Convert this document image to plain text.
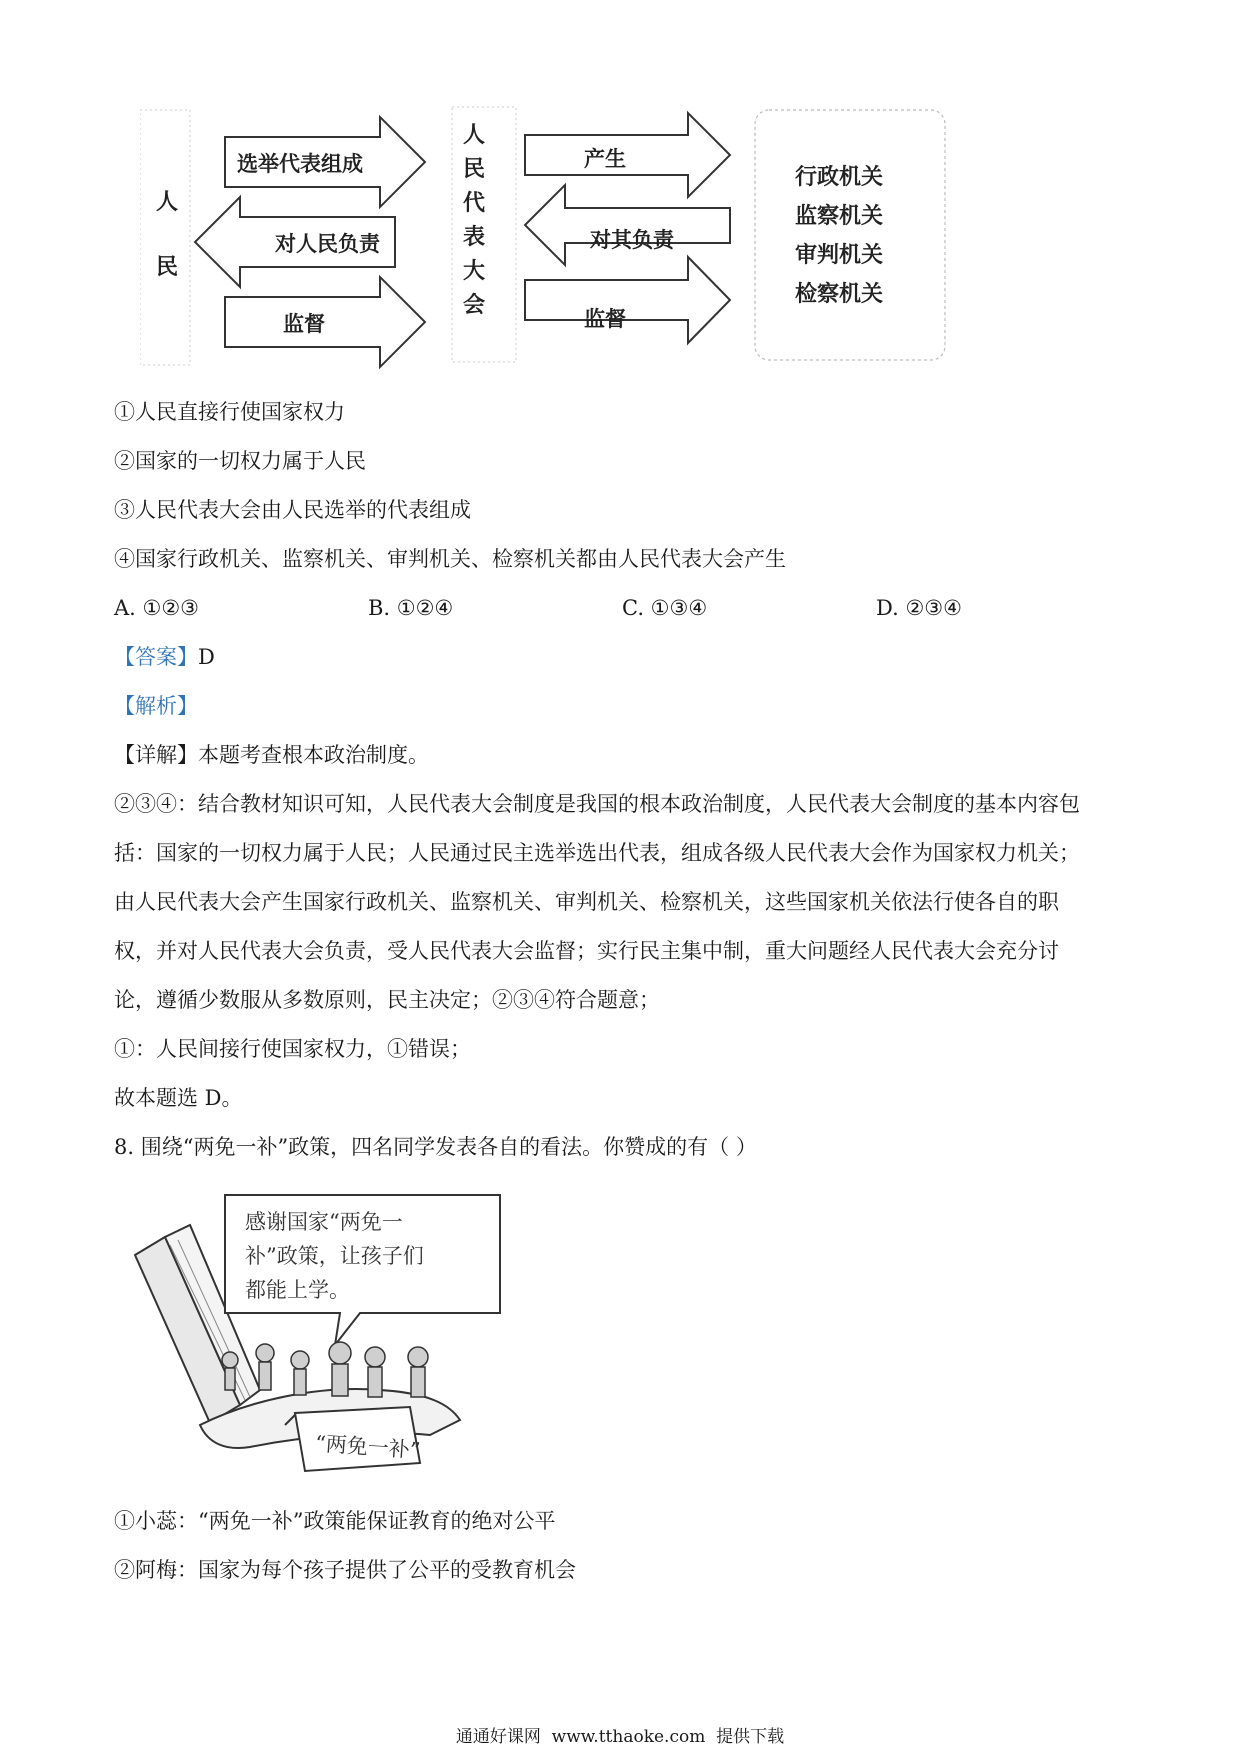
人
民
人
民
代
表
大
会
选举代表组成
对人民负责
监督
产生
对其负责
监督
行政机关
监察机关
审判机关
检察机关
①人民直接行使国家权力
②国家的一切权力属于人民
③人民代表大会由人民选举的代表组成
④国家行政机关、监察机关、审判机关、检察机关都由人民代表大会产生
A. ①②③	B. ①②④	C. ①③④	D. ②③④
【答案】D
【解析】
【详解】本题考查根本政治制度。
②③④：结合教材知识可知，人民代表大会制度是我国的根本政治制度，人民代表大会制度的基本内容包
括：国家的一切权力属于人民；人民通过民主选举选出代表，组成各级人民代表大会作为国家权力机关；
由人民代表大会产生国家行政机关、监察机关、审判机关、检察机关，这些国家机关依法行使各自的职
权，并对人民代表大会负责，受人民代表大会监督；实行民主集中制，重大问题经人民代表大会充分讨
论，遵循少数服从多数原则，民主决定；②③④符合题意；
①：人民间接行使国家权力，①错误；
故本题选 D。
8. 围绕“两免一补”政策，四名同学发表各自的看法。你赞成的有（ ）
感谢国家“两免一
补”政策，让孩子们
都能上学。
“两免一补”
①小蕊：“两免一补”政策能保证教育的绝对公平
②阿梅：国家为每个孩子提供了公平的受教育机会
通通好课网  www.tthaoke.com  提供下载
